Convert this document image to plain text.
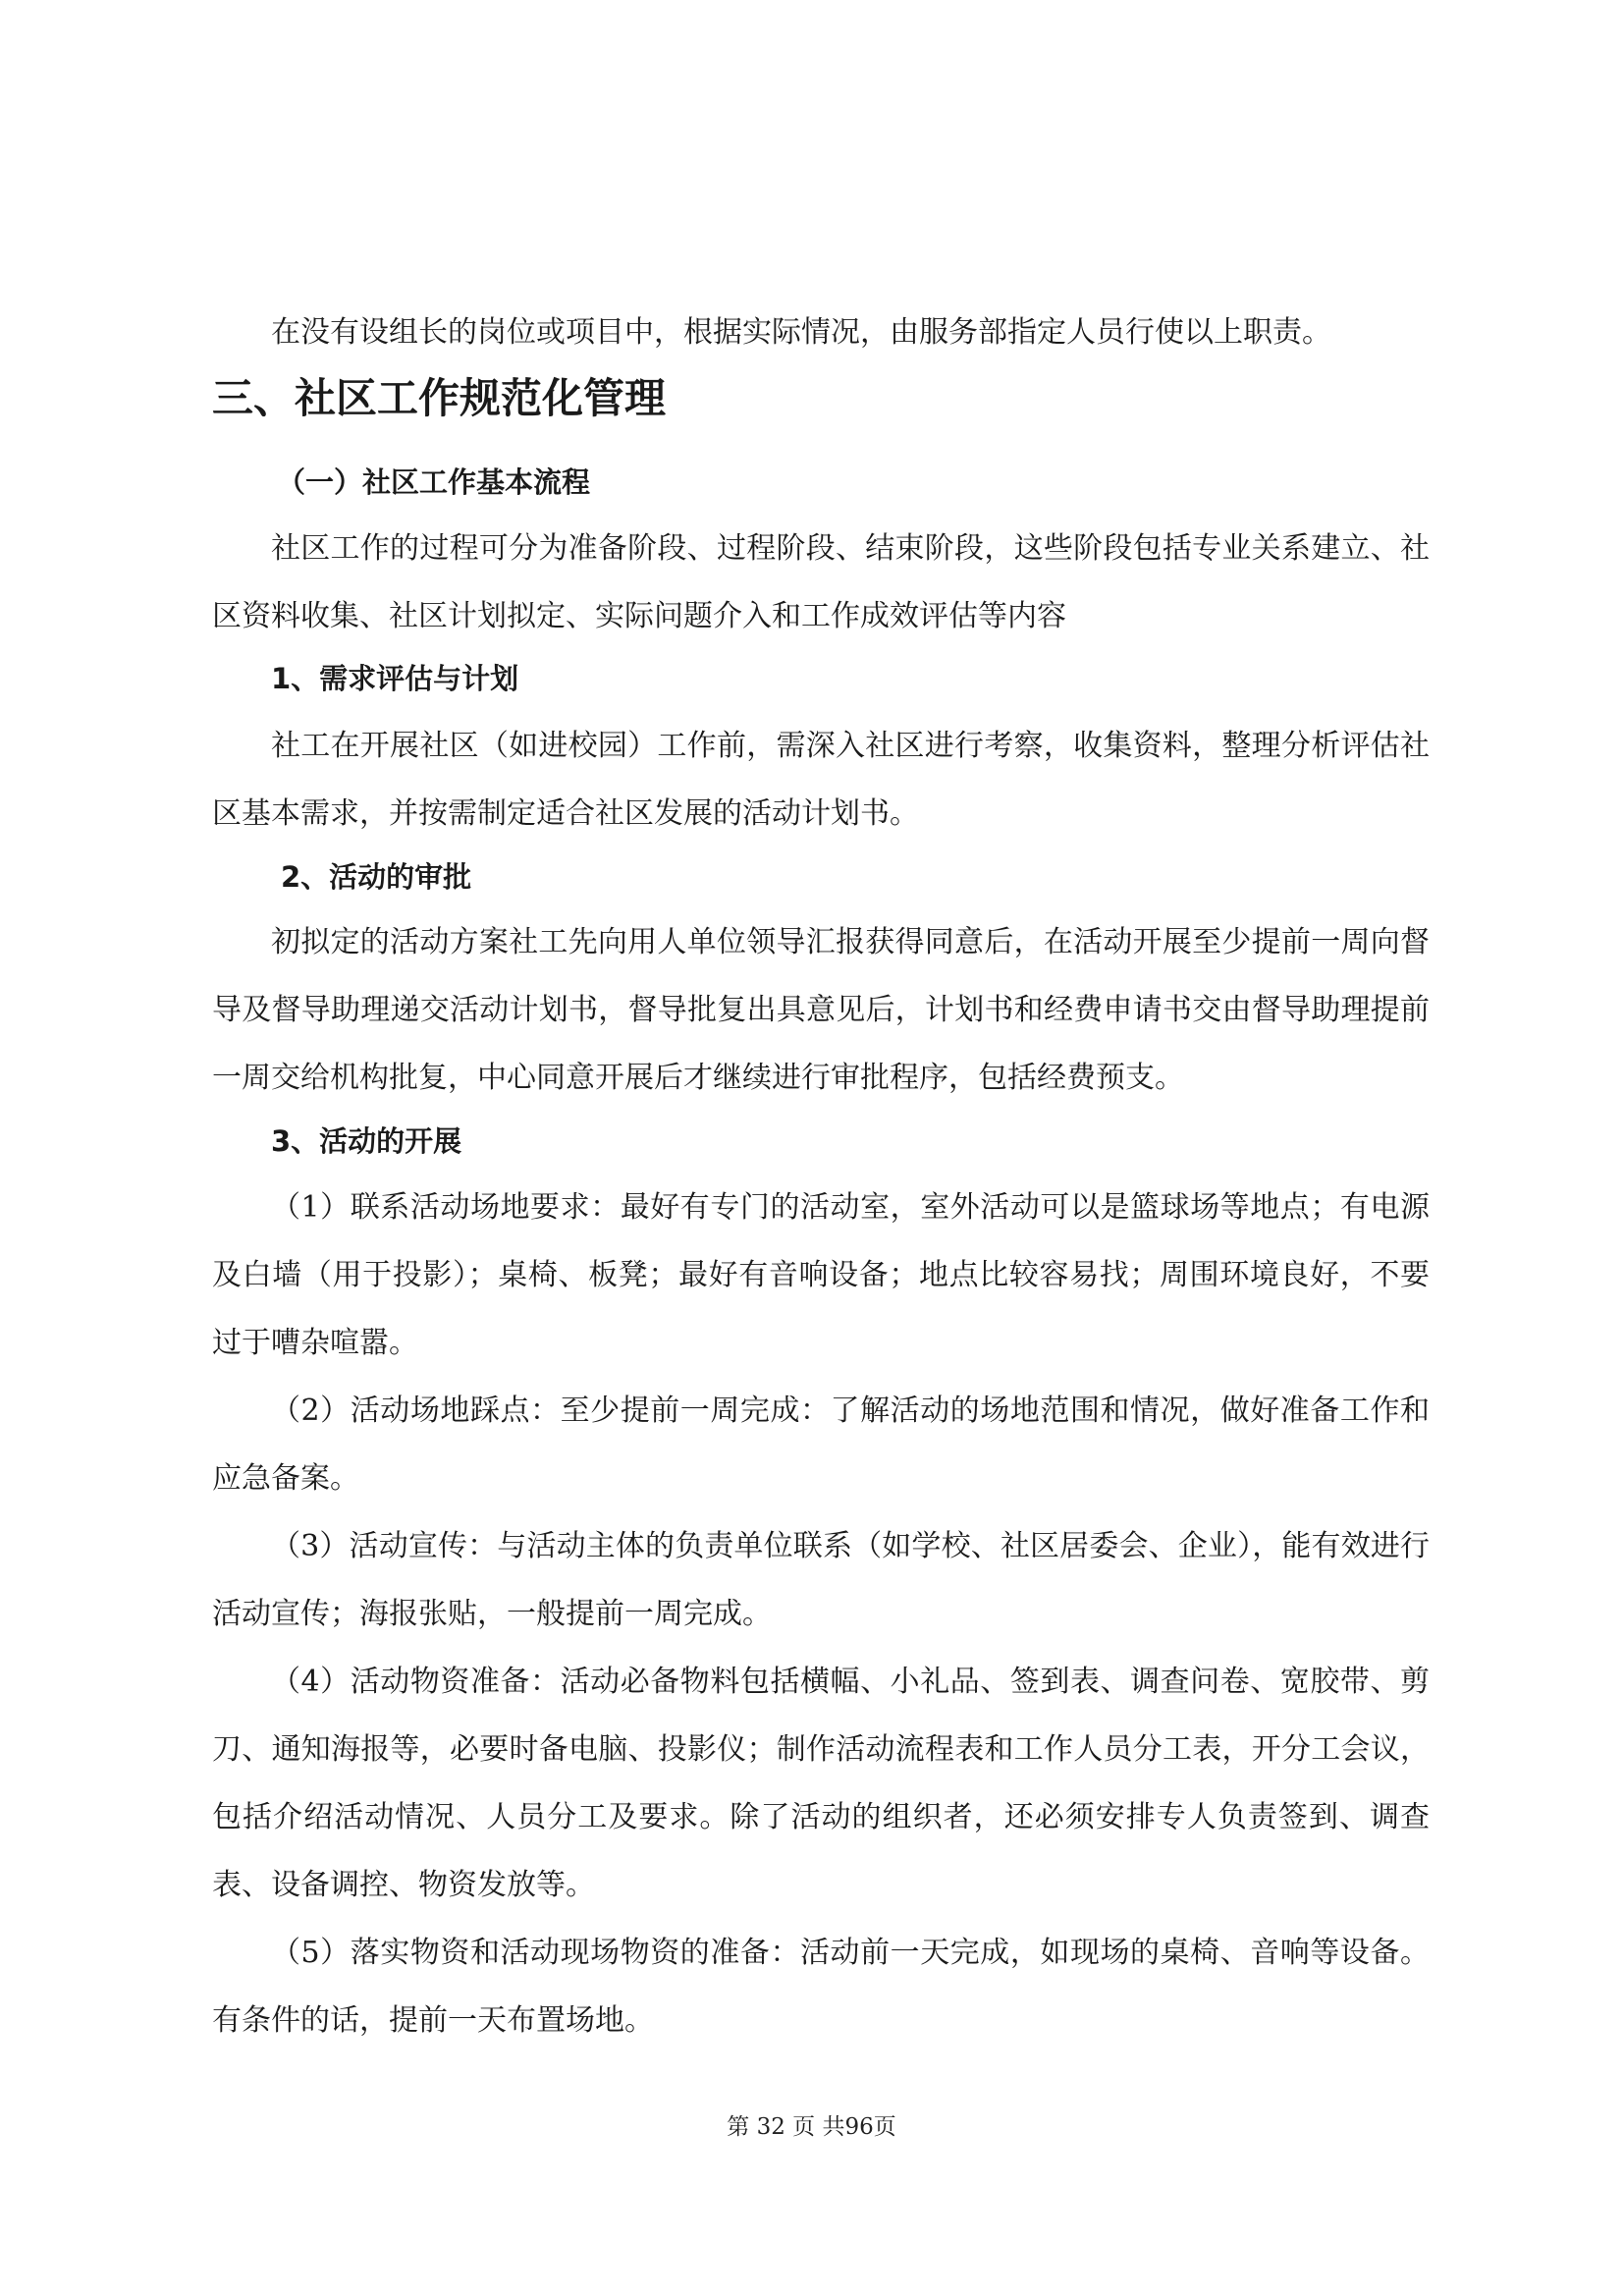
在没有设组长的岗位或项目中，根据实际情况，由服务部指定人员行使以上职责。

三、社区工作规范化管理
（一）社区工作基本流程

社区工作的过程可分为准备阶段、过程阶段、结束阶段，这些阶段包括专业关系建立、社区资料收集、社区计划拟定、实际问题介入和工作成效评估等内容

1、需求评估与计划

社工在开展社区（如进校园）工作前，需深入社区进行考察，收集资料，整理分析评估社区基本需求，并按需制定适合社区发展的活动计划书。

2、活动的审批

初拟定的活动方案社工先向用人单位领导汇报获得同意后，在活动开展至少提前一周向督导及督导助理递交活动计划书，督导批复出具意见后，计划书和经费申请书交由督导助理提前一周交给机构批复，中心同意开展后才继续进行审批程序，包括经费预支。

3、活动的开展

（1）联系活动场地要求：最好有专门的活动室，室外活动可以是篮球场等地点；有电源及白墙（用于投影）；桌椅、板凳；最好有音响设备；地点比较容易找；周围环境良好，不要过于嘈杂喧嚣。

（2）活动场地踩点：至少提前一周完成：了解活动的场地范围和情况，做好准备工作和应急备案。

（3）活动宣传：与活动主体的负责单位联系（如学校、社区居委会、企业），能有效进行活动宣传；海报张贴，一般提前一周完成。

（4）活动物资准备：活动必备物料包括横幅、小礼品、签到表、调查问卷、宽胶带、剪刀、通知海报等，必要时备电脑、投影仪；制作活动流程表和工作人员分工表，开分工会议，包括介绍活动情况、人员分工及要求。除了活动的组织者，还必须安排专人负责签到、调查表、设备调控、物资发放等。

（5）落实物资和活动现场物资的准备：活动前一天完成，如现场的桌椅、音响等设备。有条件的话，提前一天布置场地。

第 32 页 共96页
